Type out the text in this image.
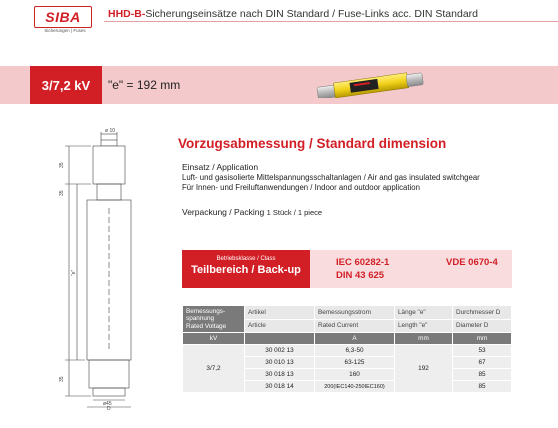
SIBA
Sicherungen | Fuses
HHD-B-Sicherungseinsätze nach DIN Standard / Fuse-Links acc. DIN Standard
3/7,2 kV	"e" = 192 mm
ø 10
35
35
"e"
35
ø45
D
Vorzugsabmessung / Standard dimension
Einsatz / Application
Luft- und gasisolierte Mittelspannungsschaltanlagen / Air and gas insulated switchgear
Für Innen- und Freiluftanwendungen / Indoor and outdoor application
Verpackung / Packing 1 Stück / 1 piece
Betriebsklasse / Class
Teilbereich / Back-up
IEC 60282-1
DIN 43 625
VDE 0670-4
Bemessungs-
spannung
Rated Voltage	Artikel	Bemessungsstrom	Länge "e"	Durchmesser D
	Article	Rated Current	Length "e"	Diameter D
kV		A	mm	mm
3/7,2	30 002 13	6,3-50	192	53
	30 010 13	63-125		67
	30 018 13	160		85
	30 018 14	200(IEC140-250IEC160)		85
